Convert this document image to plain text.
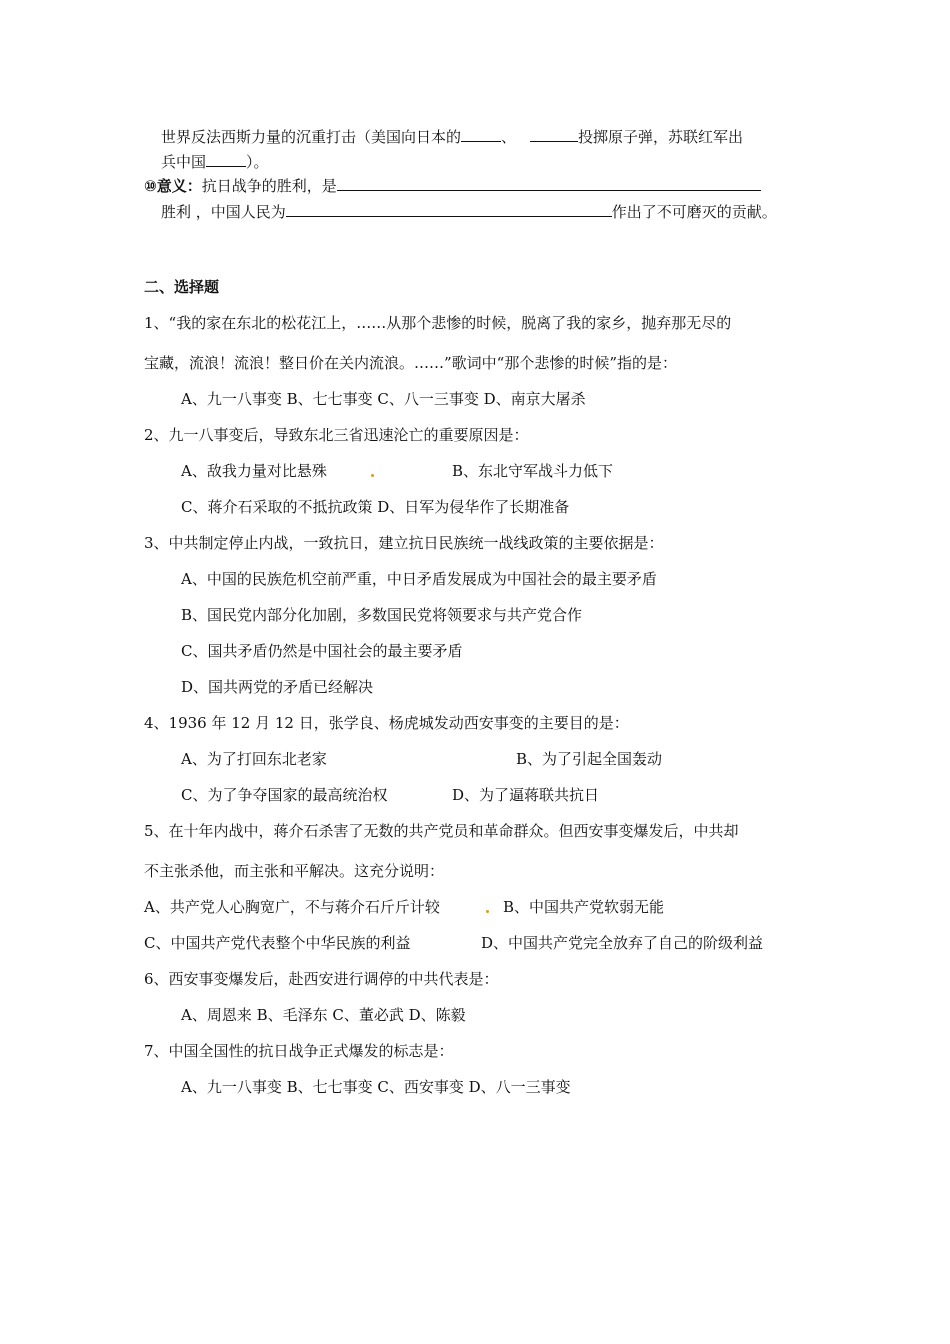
世界反法西斯力量的沉重打击（美国向日本的	、	投掷原子弹，苏联红军出
兵中国	）。
⑩意义：抗日战争的胜利，是
胜利 ，中国人民为	作出了不可磨灭的贡献。
二、选择题
1、“我的家在东北的松花江上，……从那个悲惨的时候，脱离了我的家乡，抛弃那无尽的
宝藏，流浪！流浪！整日价在关内流浪。……”歌词中“那个悲惨的时候”指的是：
A、九一八事变 B、七七事变 C、八一三事变 D、南京大屠杀
2、九一八事变后，导致东北三省迅速沦亡的重要原因是：
A、敌我力量对比悬殊	B、东北守军战斗力低下
C、蒋介石采取的不抵抗政策 D、日军为侵华作了长期准备
3、中共制定停止内战，一致抗日，建立抗日民族统一战线政策的主要依据是：
A、中国的民族危机空前严重，中日矛盾发展成为中国社会的最主要矛盾
B、国民党内部分化加剧，多数国民党将领要求与共产党合作
C、国共矛盾仍然是中国社会的最主要矛盾
D、国共两党的矛盾已经解决
4、1936 年 12 月 12 日，张学良、杨虎城发动西安事变的主要目的是：
A、为了打回东北老家	B、为了引起全国轰动
C、为了争夺国家的最高统治权	D、为了逼蒋联共抗日
5、在十年内战中，蒋介石杀害了无数的共产党员和革命群众。但西安事变爆发后，中共却
不主张杀他，而主张和平解决。这充分说明：
A、共产党人心胸宽广，不与蒋介石斤斤计较	B、中国共产党软弱无能
C、中国共产党代表整个中华民族的利益	D、中国共产党完全放弃了自己的阶级利益
6、西安事变爆发后，赴西安进行调停的中共代表是：
A、周恩来 B、毛泽东 C、董必武 D、陈毅
7、中国全国性的抗日战争正式爆发的标志是：
A、九一八事变 B、七七事变 C、西安事变 D、八一三事变
